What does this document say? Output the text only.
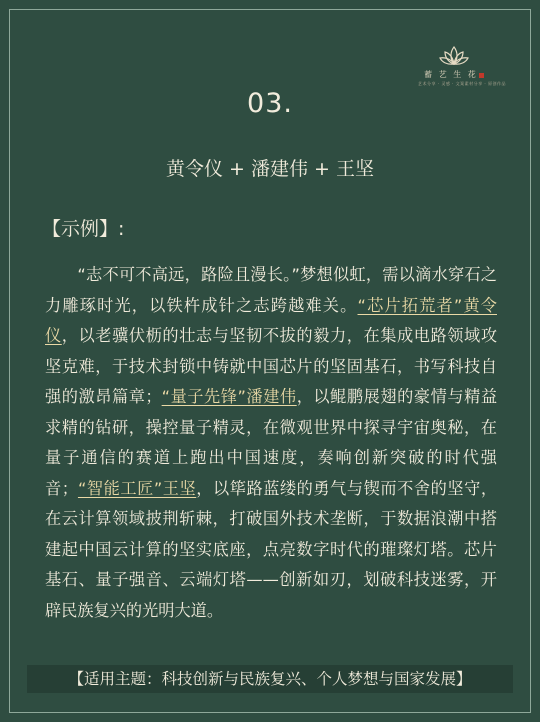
蓄 艺 生 花
艺术分享 · 灵感 · 文案素材分享 · 原创作品
03.
黄令仪 + 潘建伟 + 王坚
【示例】:
“志不可不高远，路险且漫长。”梦想似虹，需以滴水穿石之力雕琢时光，以铁杵成针之志跨越难关。“芯片拓荒者”黄令仪，以老骥伏枥的壮志与坚韧不拔的毅力，在集成电路领域攻坚克难，于技术封锁中铸就中国芯片的坚固基石，书写科技自强的激昂篇章；“量子先锋”潘建伟，以鲲鹏展翅的豪情与精益求精的钻研，操控量子精灵，在微观世界中探寻宇宙奥秘，在量子通信的赛道上跑出中国速度，奏响创新突破的时代强音；“智能工匠”王坚，以筚路蓝缕的勇气与锲而不舍的坚守，在云计算领域披荆斩棘，打破国外技术垄断，于数据浪潮中搭建起中国云计算的坚实底座，点亮数字时代的璀璨灯塔。芯片基石、量子强音、云端灯塔——创新如刃，划破科技迷雾，开辟民族复兴的光明大道。
【适用主题：科技创新与民族复兴、个人梦想与国家发展】
